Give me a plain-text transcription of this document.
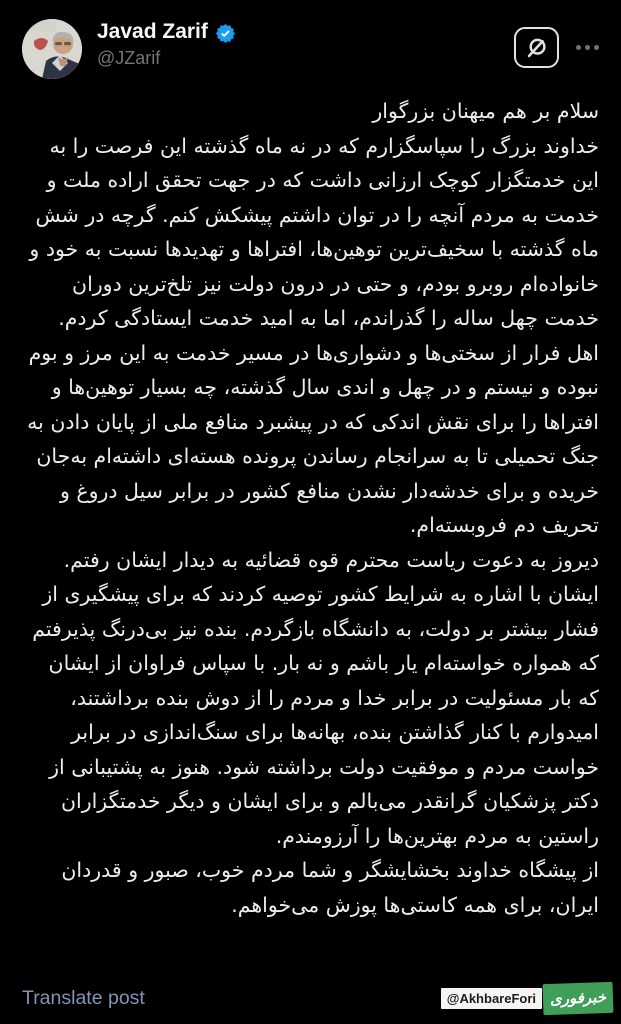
Javad Zarif
@JZarif

سلام بر هم میهنان بزرگوار

خداوند بزرگ را سپاسگزارم که در نه ماه گذشته این فرصت را به این خدمتگزار کوچک ارزانی داشت که در جهت تحقق اراده ملت و خدمت به مردم آنچه را در توان داشتم پیشکش کنم. گرچه در شش ماه گذشته با سخیف‌ترین توهین‌ها، افتراها و تهدیدها نسبت به خود و خانواده‌ام روبرو بودم، و حتی در درون دولت نیز تلخ‌ترین دوران خدمت چهل ساله را گذراندم، اما به امید خدمت ایستادگی کردم. اهل فرار از سختی‌ها و دشواری‌ها در مسیر خدمت به این مرز و بوم نبوده و نیستم و در چهل و اندی سال گذشته، چه بسیار توهین‌ها و افتراها را برای نقش اندکی که در پیشبرد منافع ملی از پایان دادن به جنگ تحمیلی تا به سرانجام رساندن پرونده هسته‌ای داشته‌ام به‌جان خریده و برای خدشه‌دار نشدن منافع کشور در برابر سیل دروغ و تحریف دم فروبسته‌ام.

دیروز به دعوت ریاست محترم قوه قضائیه به دیدار ایشان رفتم. ایشان با اشاره به شرایط کشور توصیه کردند که برای پیشگیری از فشار بیشتر بر دولت، به دانشگاه بازگردم. بنده نیز بی‌درنگ پذیرفتم که همواره خواسته‌ام یار باشم و نه بار. با سپاس فراوان از ایشان که بار مسئولیت در برابر خدا و مردم را از دوش بنده برداشتند، امیدوارم با کنار گذاشتن بنده، بهانه‌ها برای سنگ‌اندازی در برابر خواست مردم و موفقیت دولت برداشته شود. هنوز به پشتیبانی از دکتر پزشکیان گرانقدر می‌بالم و برای ایشان و دیگر خدمتگزاران راستین به مردم بهترین‌ها را آرزومندم.

از پیشگاه خداوند بخشایشگر و شما مردم خوب، صبور و قدردان ایران، برای همه کاستی‌ها پوزش می‌خواهم.

Translate post	@AkhbareFori خبرفوری
